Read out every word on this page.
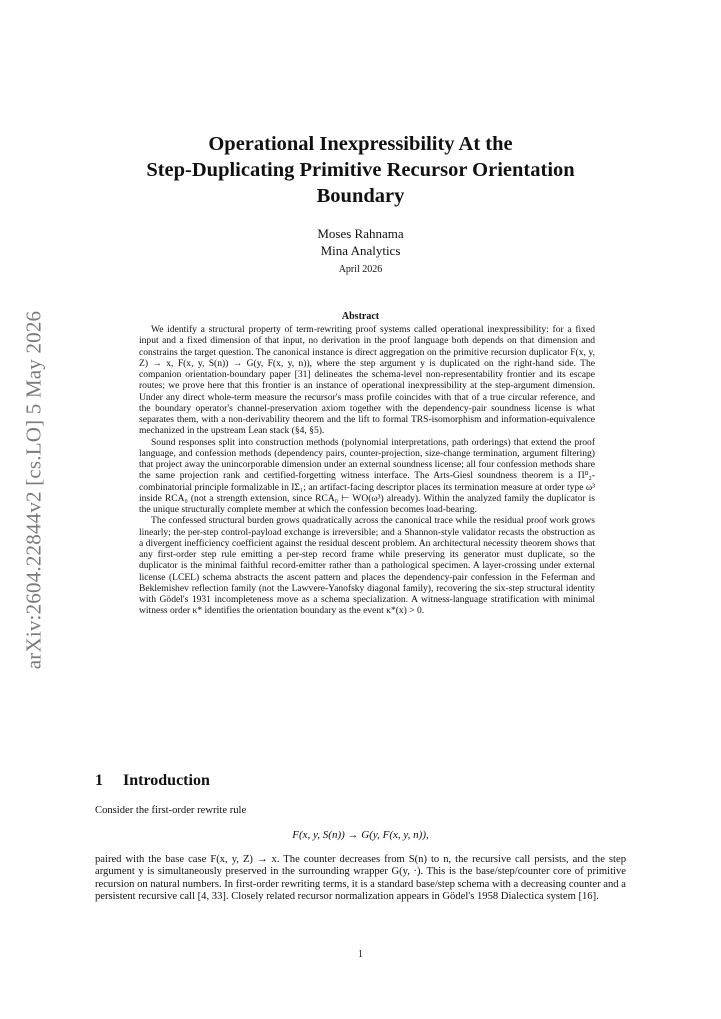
arXiv:2604.22844v2 [cs.LO] 5 May 2026
Operational Inexpressibility At the
Step-Duplicating Primitive Recursor Orientation
Boundary
Moses Rahnama
Mina Analytics
April 2026
Abstract

We identify a structural property of term-rewriting proof systems called operational inexpressibility: for a fixed input and a fixed dimension of that input, no derivation in the proof language both depends on that dimension and constrains the target question. The canonical instance is direct aggregation on the primitive recursion duplicator F(x, y, Z) → x, F(x, y, S(n)) → G(y, F(x, y, n)), where the step argument y is duplicated on the right-hand side. The companion orientation-boundary paper [31] delineates the schema-level non-representability frontier and its escape routes; we prove here that this frontier is an instance of operational inexpressibility at the step-argument dimension. Under any direct whole-term measure the recursor's mass profile coincides with that of a true circular reference, and the boundary operator's channel-preservation axiom together with the dependency-pair soundness license is what separates them, with a non-derivability theorem and the lift to formal TRS-isomorphism and information-equivalence mechanized in the upstream Lean stack (§4, §5).

Sound responses split into construction methods (polynomial interpretations, path orderings) that extend the proof language, and confession methods (dependency pairs, counter-projection, size-change termination, argument filtering) that project away the unincorporable dimension under an external soundness license; all four confession methods share the same projection rank and certified-forgetting witness interface. The Arts-Giesl soundness theorem is a Π⁰₂-combinatorial principle formalizable in IΣ₁; an artifact-facing descriptor places its termination measure at order type ω³ inside RCA₀ (not a strength extension, since RCA₀ ⊢ WO(ω³) already). Within the analyzed family the duplicator is the unique structurally complete member at which the confession becomes load-bearing.

The confessed structural burden grows quadratically across the canonical trace while the residual proof work grows linearly; the per-step control-payload exchange is irreversible; and a Shannon-style validator recasts the obstruction as a divergent inefficiency coefficient against the residual descent problem. An architectural necessity theorem shows that any first-order step rule emitting a per-step record frame while preserving its generator must duplicate, so the duplicator is the minimal faithful record-emitter rather than a pathological specimen. A layer-crossing under external license (LCEL) schema abstracts the ascent pattern and places the dependency-pair confession in the Feferman and Beklemishev reflection family (not the Lawvere-Yanofsky diagonal family), recovering the six-step structural identity with Gödel's 1931 incompleteness move as a schema specialization. A witness-language stratification with minimal witness order κ* identifies the orientation boundary as the event κ*(x) > 0.

1 Introduction
Consider the first-order rewrite rule
F(x, y, S(n)) → G(y, F(x, y, n)),
paired with the base case F(x, y, Z) → x. The counter decreases from S(n) to n, the recursive call persists, and the step argument y is simultaneously preserved in the surrounding wrapper G(y, ·). This is the base/step/counter core of primitive recursion on natural numbers. In first-order rewriting terms, it is a standard base/step schema with a decreasing counter and a persistent recursive call [4, 33]. Closely related recursor normalization appears in Gödel's 1958 Dialectica system [16].
1
